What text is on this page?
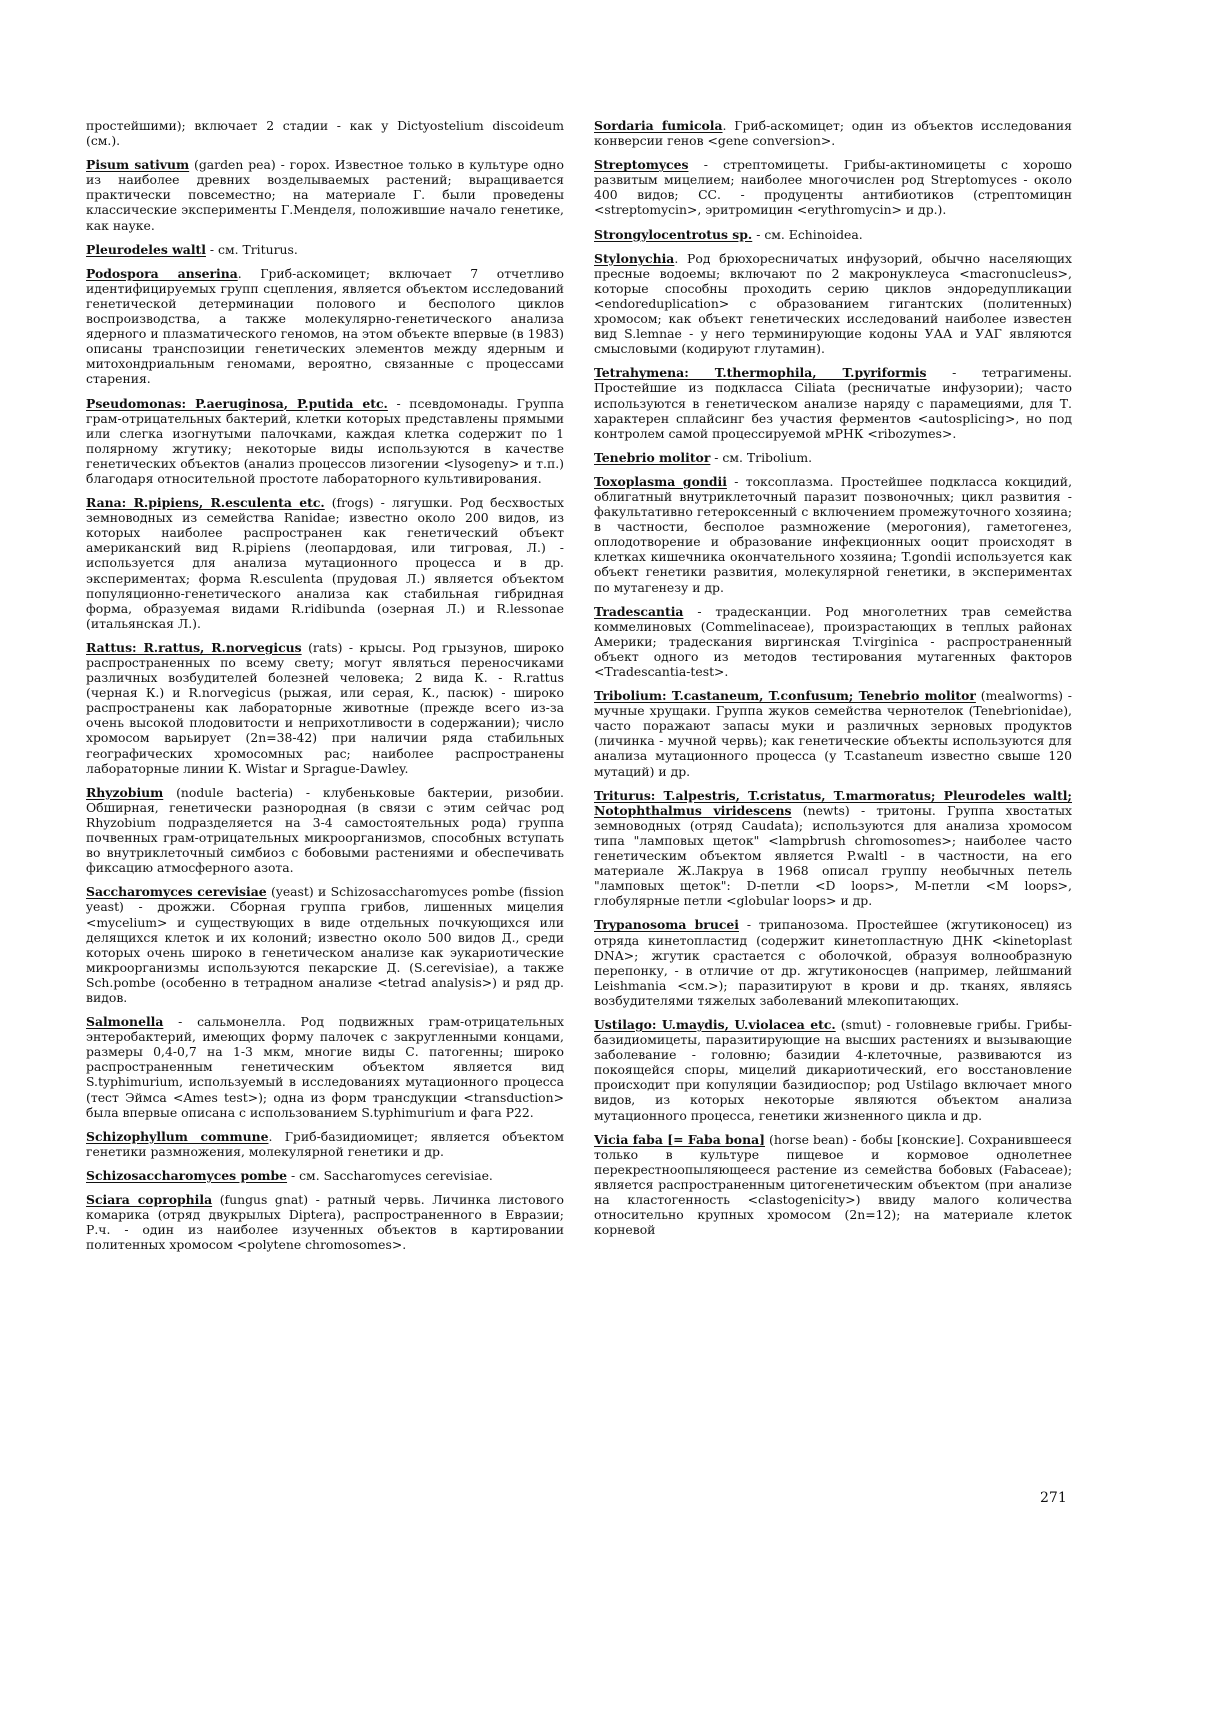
простейшими); включает 2 стадии - как у Dictyostelium discoideum (см.).

Pisum sativum (garden pea) - горох. Известное только в культуре одно из наиболее древних возделываемых растений; выращивается практически повсеместно; на материале Г. были проведены классические эксперименты Г.Менделя, положившие начало генетике, как науке.

Pleurodeles waltl - см. Triturus.

Podospora anserina. Гриб-аскомицет; включает 7 отчетливо идентифицируемых групп сцепления, является объектом исследований генетической детерминации полового и бесполого циклов воспроизводства, а также молекулярно-генетического анализа ядерного и плазматического геномов, на этом объекте впервые (в 1983) описаны транспозиции генетических элементов между ядерным и митохондриальным геномами, вероятно, связанные с процессами старения.

Pseudomonas: P.aeruginosa, P.putida etc. - псевдомонады. Группа грам-отрицательных бактерий, клетки которых представлены прямыми или слегка изогнутыми палочками, каждая клетка содержит по 1 полярному жгутику; некоторые виды используются в качестве генетических объектов (анализ процессов лизогении <lysogeny> и т.п.) благодаря относительной простоте лабораторного культивирования.

Rana: R.pipiens, R.esculenta etc. (frogs) - лягушки. Род бесхвостых земноводных из семейства Ranidae; известно около 200 видов, из которых наиболее распространен как генетический объект американский вид R.pipiens (леопардовая, или тигровая, Л.) - используется для анализа мутационного процесса и в др. экспериментах; форма R.esculenta (прудовая Л.) является объектом популяционно-генетического анализа как стабильная гибридная форма, образуемая видами R.ridibunda (озерная Л.) и R.lessonae (итальянская Л.).

Rattus: R.rattus, R.norvegicus (rats) - крысы. Род грызунов, широко распространенных по всему свету; могут являться переносчиками различных возбудителей болезней человека; 2 вида К. - R.rattus (черная К.) и R.norvegicus (рыжая, или серая, К., пасюк) - широко распространены как лабораторные животные (прежде всего из-за очень высокой плодовитости и неприхотливости в содержании); число хромосом варьирует (2n=38-42) при наличии ряда стабильных географических хромосомных рас; наиболее распространены лабораторные линии К. Wistar и Sprague-Dawley.

Rhyzobium (nodule bacteria) - клубеньковые бактерии, ризобии. Обширная, генетически разнородная (в связи с этим сейчас род Rhyzobium подразделяется на 3-4 самостоятельных рода) группа почвенных грам-отрицательных микроорганизмов, способных вступать во внутриклеточный симбиоз с бобовыми растениями и обеспечивать фиксацию атмосферного азота.

Saccharomyces cerevisiae (yeast) и Schizosaccharomyces pombe (fission yeast) - дрожжи. Сборная группа грибов, лишенных мицелия <mycelium> и существующих в виде отдельных почкующихся или делящихся клеток и их колоний; известно около 500 видов Д., среди которых очень широко в генетическом анализе как эукариотические микроорганизмы используются пекарские Д. (S.cerevisiae), а также Sch.pombe (особенно в тетрадном анализе <tetrad analysis>) и ряд др. видов.

Salmonella - сальмонелла. Род подвижных грам-отрицательных энтеробактерий, имеющих форму палочек с закругленными концами, размеры 0,4-0,7 на 1-3 мкм, многие виды С. патогенны; широко распространенным генетическим объектом является вид S.typhimurium, используемый в исследованиях мутационного процесса (тест Эймса <Ames test>); одна из форм трансдукции <transduction> была впервые описана с использованием S.typhimurium и фага P22.

Schizophyllum commune. Гриб-базидиомицет; является объектом генетики размножения, молекулярной генетики и др.

Schizosaccharomyces pombe - см. Saccharomyces cerevisiae.

Sciara coprophila (fungus gnat) - ратный червь. Личинка листового комарика (отряд двукрылых Diptera), распространенного в Евразии; Р.ч. - один из наиболее изученных объектов в картировании политенных хромосом <polytene chromosomes>.

Sordaria fumicola. Гриб-аскомицет; один из объектов исследования конверсии генов <gene conversion>.

Streptomyces - стрептомицеты. Грибы-актиномицеты с хорошо развитым мицелием; наиболее многочислен род Streptomyces - около 400 видов; СС. - продуценты антибиотиков (стрептомицин <streptomycin>, эритромицин <erythromycin> и др.).

Strongylocentrotus sp. - см. Echinoidea.

Stylonychia. Род брюхоресничатых инфузорий, обычно населяющих пресные водоемы; включают по 2 макронуклеуса <macronucleus>, которые способны проходить серию циклов эндоредупликации <endoreduplication> с образованием гигантских (политенных) хромосом; как объект генетических исследований наиболее известен вид S.lemnae - у него терминирующие кодоны УАА и УАГ являются смысловыми (кодируют глутамин).

Tetrahymena: T.thermophila, T.pyriformis - тетрагимены. Простейшие из подкласса Ciliata (ресничатые инфузории); часто используются в генетическом анализе наряду с парамециями, для Т. характерен сплайсинг без участия ферментов <autosplicing>, но под контролем самой процессируемой мРНК <ribozymes>.

Tenebrio molitor - см. Tribolium.

Toxoplasma gondii - токсоплазма. Простейшее подкласса кокцидий, облигатный внутриклеточный паразит позвоночных; цикл развития - факультативно гетероксенный с включением промежуточного хозяина; в частности, бесполое размножение (мерогония), гаметогенез, оплодотворение и образование инфекционных ооцит происходят в клетках кишечника окончательного хозяина; T.gondii используется как объект генетики развития, молекулярной генетики, в экспериментах по мутагенезу и др.

Tradescantia - традесканции. Род многолетних трав семейства коммелиновых (Commelinaceae), произрастающих в теплых районах Америки; традескания виргинская T.virginica - распространенный объект одного из методов тестирования мутагенных факторов <Tradescantia-test>.

Tribolium: T.castaneum, T.confusum; Tenebrio molitor (mealworms) - мучные хрущаки. Группа жуков семейства чернотелок (Tenebrionidae), часто поражают запасы муки и различных зерновых продуктов (личинка - мучной червь); как генетические объекты используются для анализа мутационного процесса (у T.castaneum известно свыше 120 мутаций) и др.

Triturus: T.alpestris, T.cristatus, T.marmoratus; Pleurodeles waltl; Notophthalmus viridescens (newts) - тритоны. Группа хвостатых земноводных (отряд Caudata); используются для анализа хромосом типа "ламповых щеток" <lampbrush chromosomes>; наиболее часто генетическим объектом является P.waltl - в частности, на его материале Ж.Лакруа в 1968 описал группу необычных петель "ламповых щеток": D-петли <D loops>, M-петли <M loops>, глобулярные петли <globular loops> и др.

Trypanosoma brucei - трипанозома. Простейшее (жгутиконосец) из отряда кинетопластид (содержит кинетопластную ДНК <kinetoplast DNA>; жгутик срастается с оболочкой, образуя волнообразную перепонку, - в отличие от др. жгутиконосцев (например, лейшманий Leishmania <см.>); паразитируют в крови и др. тканях, являясь возбудителями тяжелых заболеваний млекопитающих.

Ustilago: U.maydis, U.violacea etc. (smut) - головневые грибы. Грибы-базидиомицеты, паразитирующие на высших растениях и вызывающие заболевание - головню; базидии 4-клеточные, развиваются из покоящейся споры, мицелий дикариотический, его восстановление происходит при копуляции базидиоспор; род Ustilago включает много видов, из которых некоторые являются объектом анализа мутационного процесса, генетики жизненного цикла и др.

Vicia faba [= Faba bona] (horse bean) - бобы [конские]. Сохранившееся только в культуре пищевое и кормовое однолетнее перекрестноопыляющееся растение из семейства бобовых (Fabaceae); является распространенным цитогенетическим объектом (при анализе на кластогенность <clastogenicity>) ввиду малого количества относительно крупных хромосом (2n=12); на материале клеток корневой

271
